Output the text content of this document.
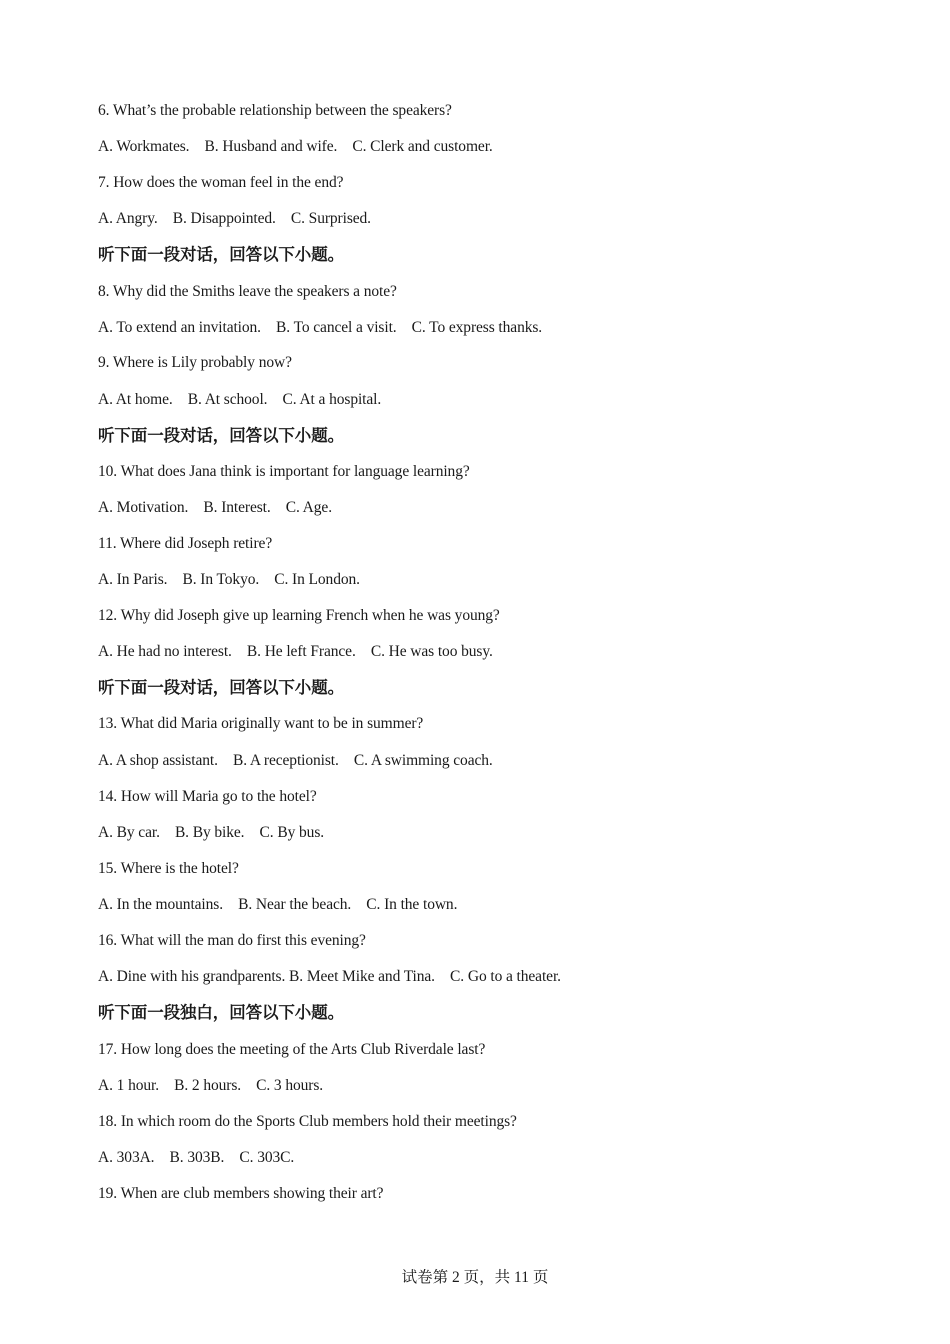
6. What’s the probable relationship between the speakers?
A. Workmates.    B. Husband and wife.    C. Clerk and customer.
7. How does the woman feel in the end?
A. Angry.    B. Disappointed.    C. Surprised.
听下面一段对话，回答以下小题。
8. Why did the Smiths leave the speakers a note?
A. To extend an invitation.    B. To cancel a visit.    C. To express thanks.
9. Where is Lily probably now?
A. At home.    B. At school.    C. At a hospital.
听下面一段对话，回答以下小题。
10. What does Jana think is important for language learning?
A. Motivation.    B. Interest.    C. Age.
11. Where did Joseph retire?
A. In Paris.    B. In Tokyo.    C. In London.
12. Why did Joseph give up learning French when he was young?
A. He had no interest.    B. He left France.    C. He was too busy.
听下面一段对话，回答以下小题。
13. What did Maria originally want to be in summer?
A. A shop assistant.    B. A receptionist.    C. A swimming coach.
14. How will Maria go to the hotel?
A. By car.    B. By bike.    C. By bus.
15. Where is the hotel?
A. In the mountains.    B. Near the beach.    C. In the town.
16. What will the man do first this evening?
A. Dine with his grandparents. B. Meet Mike and Tina.    C. Go to a theater.
听下面一段独白，回答以下小题。
17. How long does the meeting of the Arts Club Riverdale last?
A. 1 hour.    B. 2 hours.    C. 3 hours.
18. In which room do the Sports Club members hold their meetings?
A. 303A.    B. 303B.    C. 303C.
19. When are club members showing their art?
试卷第 2 页，共 11 页
